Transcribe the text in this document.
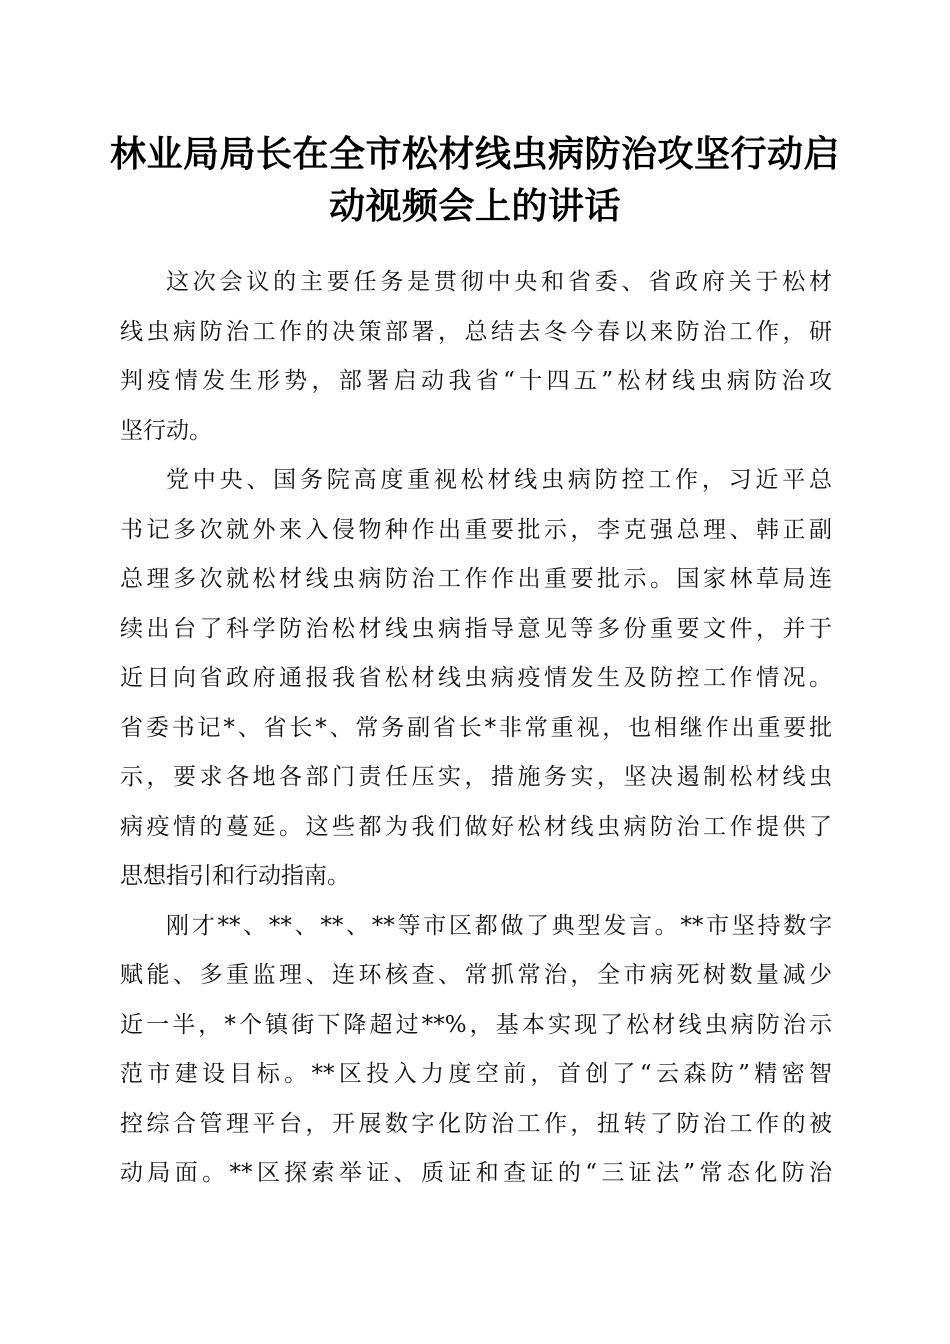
林业局局长在全市松材线虫病防治攻坚行动启
动视频会上的讲话

这次会议的主要任务是贯彻中央和省委、省政府关于松材
线虫病防治工作的决策部署，总结去冬今春以来防治工作，研
判疫情发生形势，部署启动我省“十四五”松材线虫病防治攻
坚行动。

党中央、国务院高度重视松材线虫病防控工作，习近平总
书记多次就外来入侵物种作出重要批示，李克强总理、韩正副
总理多次就松材线虫病防治工作作出重要批示。国家林草局连
续出台了科学防治松材线虫病指导意见等多份重要文件，并于
近日向省政府通报我省松材线虫病疫情发生及防控工作情况。
省委书记*、省长*、常务副省长*非常重视，也相继作出重要批
示，要求各地各部门责任压实，措施务实，坚决遏制松材线虫
病疫情的蔓延。这些都为我们做好松材线虫病防治工作提供了
思想指引和行动指南。

刚才**、**、**、**等市区都做了典型发言。**市坚持数字
赋能、多重监理、连环核查、常抓常治，全市病死树数量减少
近一半，*个镇街下降超过**%，基本实现了松材线虫病防治示
范市建设目标。**区投入力度空前，首创了“云森防”精密智
控综合管理平台，开展数字化防治工作，扭转了防治工作的被
动局面。**区探索举证、质证和查证的“三证法”常态化防治
